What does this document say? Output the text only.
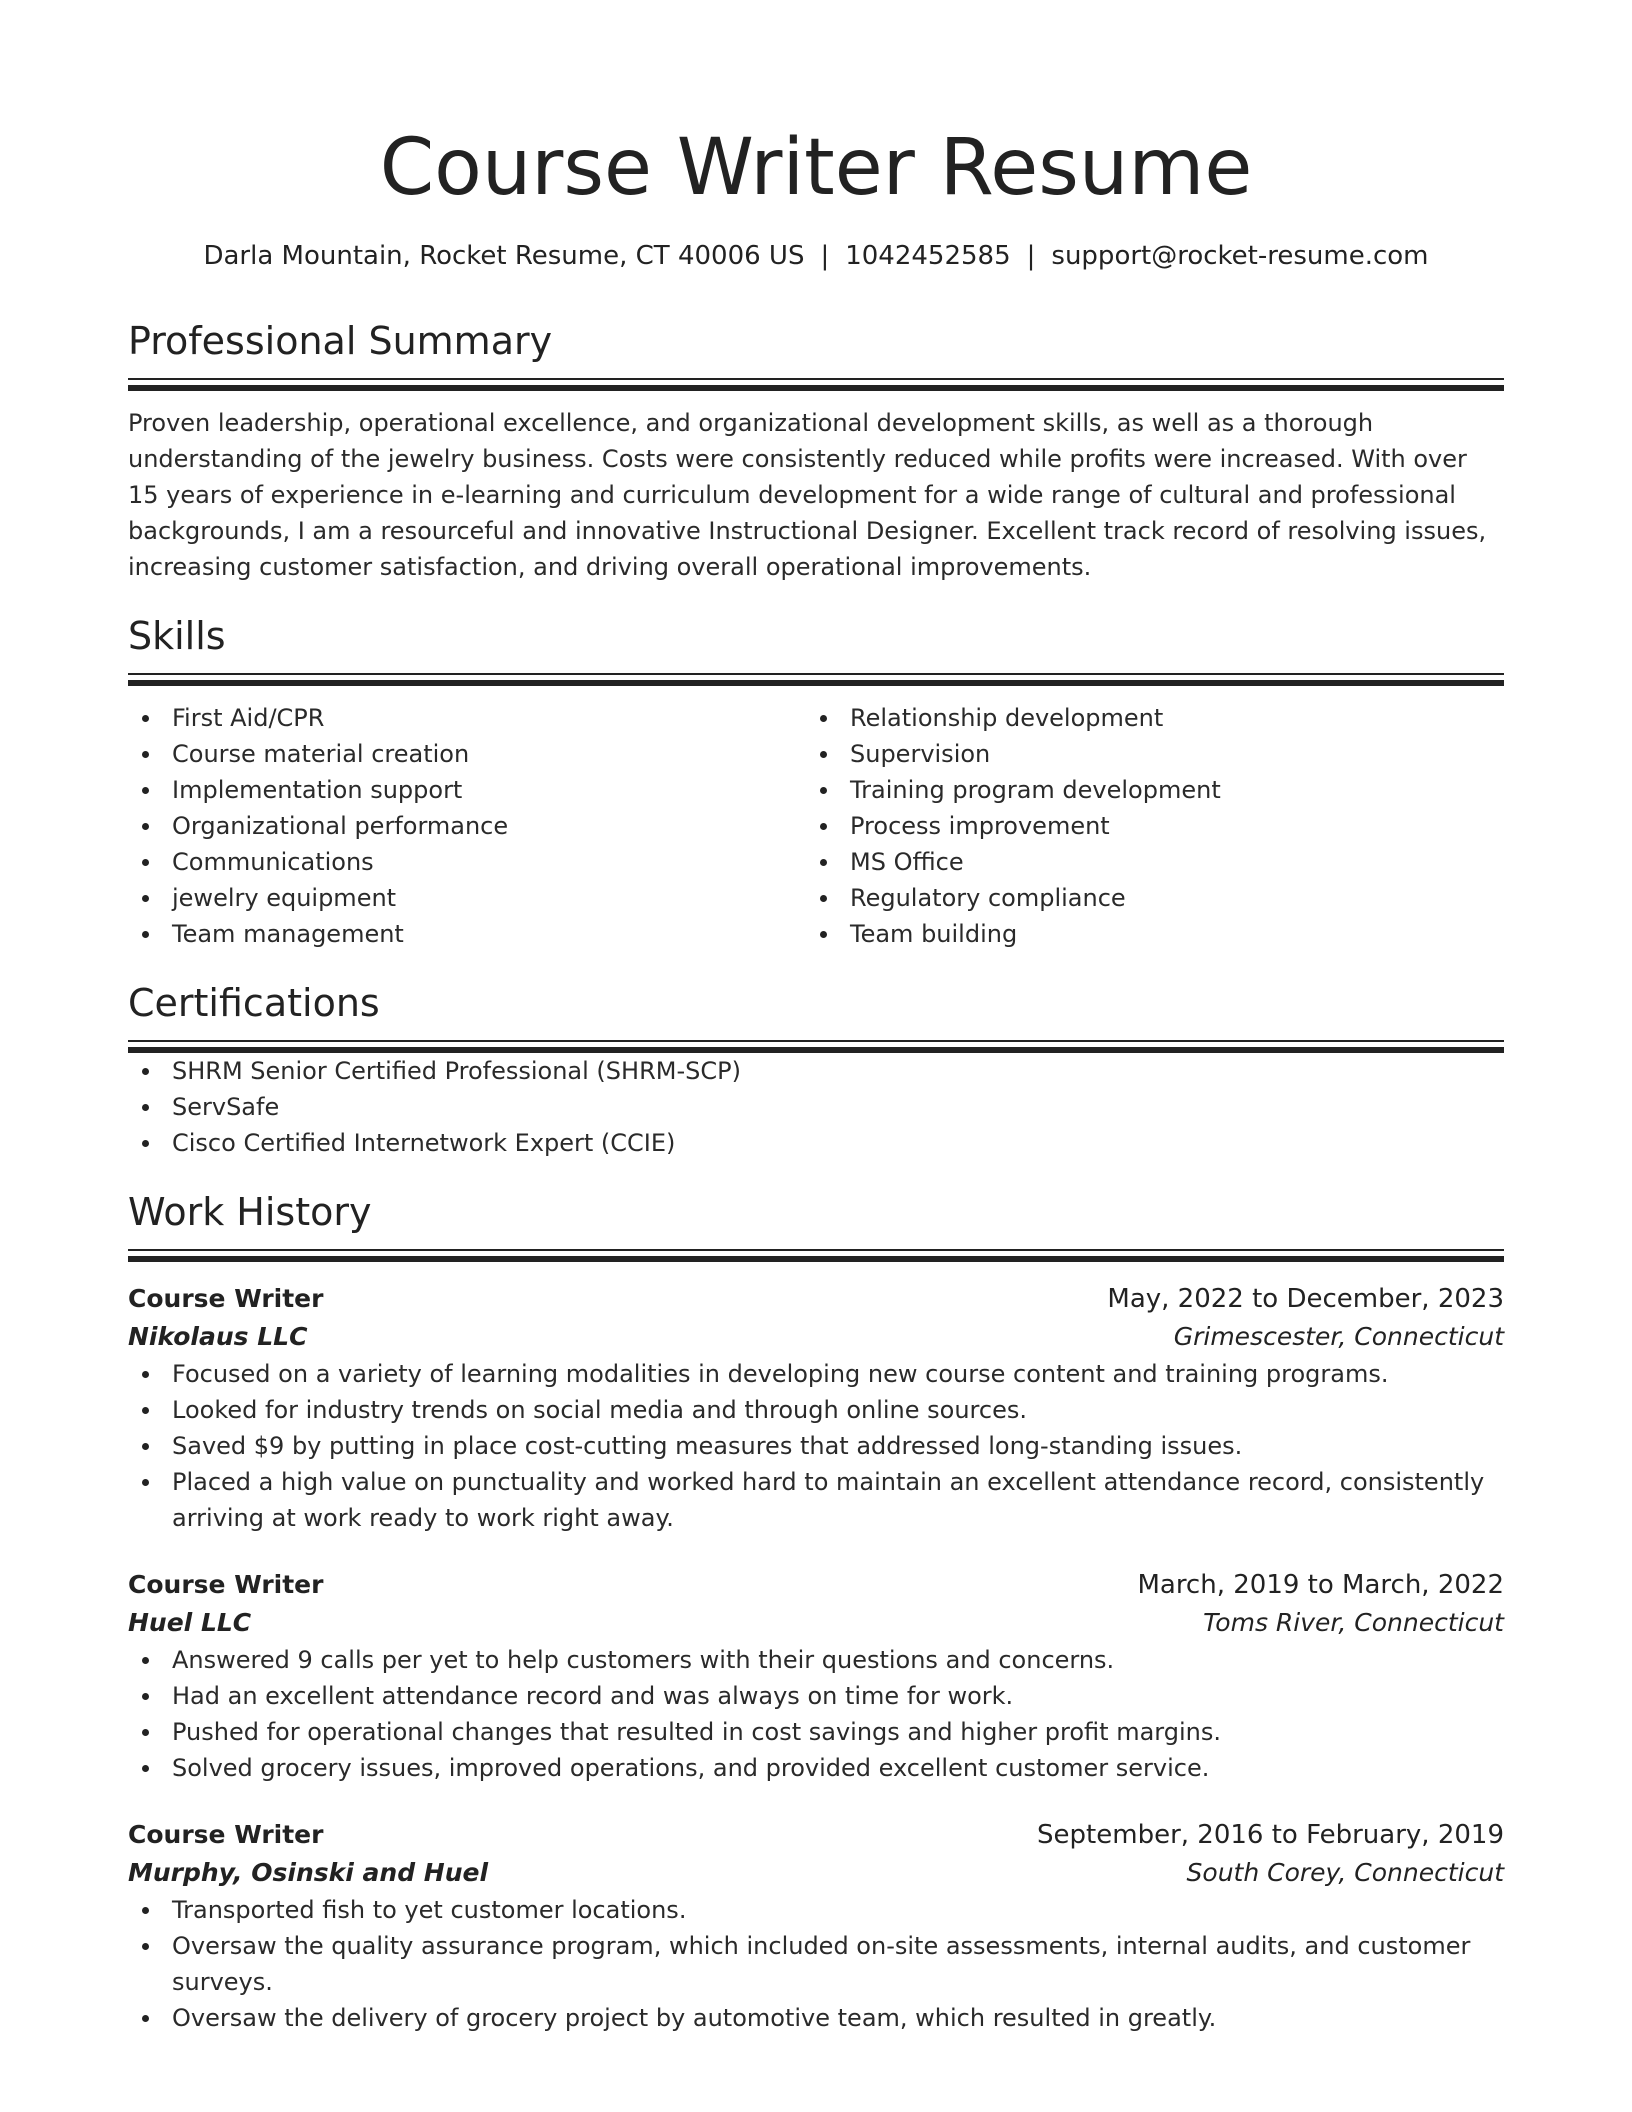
Course Writer Resume
Darla Mountain, Rocket Resume, CT 40006 US | 1042452585 | support@rocket-resume.com
Professional Summary

Proven leadership, operational excellence, and organizational development skills, as well as a thorough understanding of the jewelry business. Costs were consistently reduced while profits were increased. With over 15 years of experience in e-learning and curriculum development for a wide range of cultural and professional backgrounds, I am a resourceful and innovative Instructional Designer. Excellent track record of resolving issues, increasing customer satisfaction, and driving overall operational improvements.

Skills
First Aid/CPR
Course material creation
Implementation support
Organizational performance
Communications
jewelry equipment
Team management
Relationship development
Supervision
Training program development
Process improvement
MS Office
Regulatory compliance
Team building
Certifications
SHRM Senior Certified Professional (SHRM-SCP)
ServSafe
Cisco Certified Internetwork Expert (CCIE)
Work History
Course Writer	May, 2022 to December, 2023
Nikolaus LLC	Grimescester, Connecticut
Focused on a variety of learning modalities in developing new course content and training programs.
Looked for industry trends on social media and through online sources.
Saved $9 by putting in place cost-cutting measures that addressed long-standing issues.
Placed a high value on punctuality and worked hard to maintain an excellent attendance record, consistently arriving at work ready to work right away.
Course Writer	March, 2019 to March, 2022
Huel LLC	Toms River, Connecticut
Answered 9 calls per yet to help customers with their questions and concerns.
Had an excellent attendance record and was always on time for work.
Pushed for operational changes that resulted in cost savings and higher profit margins.
Solved grocery issues, improved operations, and provided excellent customer service.
Course Writer	September, 2016 to February, 2019
Murphy, Osinski and Huel	South Corey, Connecticut
Transported fish to yet customer locations.
Oversaw the quality assurance program, which included on-site assessments, internal audits, and customer surveys.
Oversaw the delivery of grocery project by automotive team, which resulted in greatly.
